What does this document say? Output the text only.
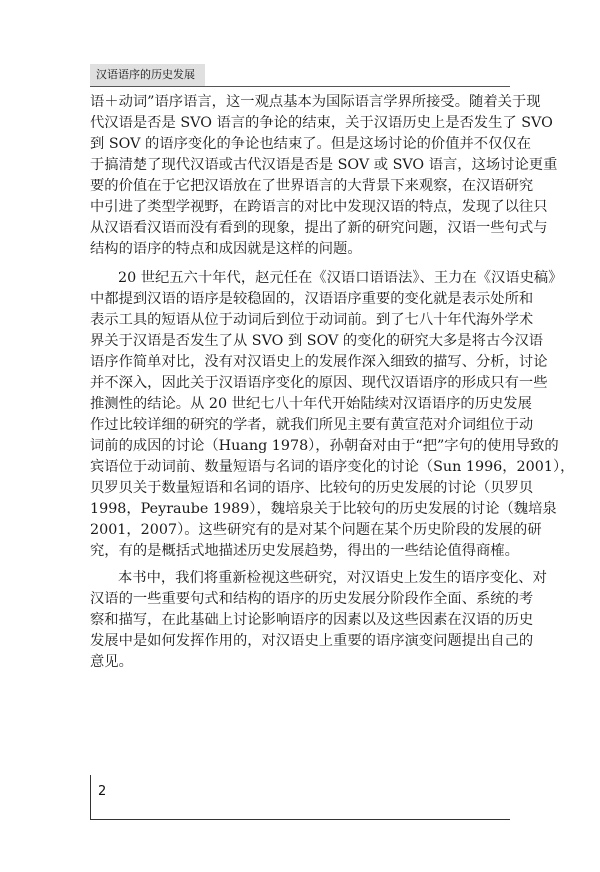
汉语语序的历史发展
语＋动词”语序语言，这一观点基本为国际语言学界所接受。随着关于现
代汉语是否是 SVO 语言的争论的结束，关于汉语历史上是否发生了 SVO
到 SOV 的语序变化的争论也结束了。但是这场讨论的价值并不仅仅在
于搞清楚了现代汉语或古代汉语是否是 SOV 或 SVO 语言，这场讨论更重
要的价值在于它把汉语放在了世界语言的大背景下来观察，在汉语研究
中引进了类型学视野，在跨语言的对比中发现汉语的特点，发现了以往只
从汉语看汉语而没有看到的现象，提出了新的研究问题，汉语一些句式与
结构的语序的特点和成因就是这样的问题。
20 世纪五六十年代，赵元任在《汉语口语语法》、王力在《汉语史稿》
中都提到汉语的语序是较稳固的，汉语语序重要的变化就是表示处所和
表示工具的短语从位于动词后到位于动词前。到了七八十年代海外学术
界关于汉语是否发生了从 SVO 到 SOV 的变化的研究大多是将古今汉语
语序作简单对比，没有对汉语史上的发展作深入细致的描写、分析，讨论
并不深入，因此关于汉语语序变化的原因、现代汉语语序的形成只有一些
推测性的结论。从 20 世纪七八十年代开始陆续对汉语语序的历史发展
作过比较详细的研究的学者，就我们所见主要有黄宣范对介词组位于动
词前的成因的讨论（Huang 1978），孙朝奋对由于“把”字句的使用导致的
宾语位于动词前、数量短语与名词的语序变化的讨论（Sun 1996，2001），
贝罗贝关于数量短语和名词的语序、比较句的历史发展的讨论（贝罗贝
1998，Peyraube 1989），魏培泉关于比较句的历史发展的讨论（魏培泉
2001，2007）。这些研究有的是对某个问题在某个历史阶段的发展的研
究，有的是概括式地描述历史发展趋势，得出的一些结论值得商榷。
本书中，我们将重新检视这些研究，对汉语史上发生的语序变化、对
汉语的一些重要句式和结构的语序的历史发展分阶段作全面、系统的考
察和描写，在此基础上讨论影响语序的因素以及这些因素在汉语的历史
发展中是如何发挥作用的，对汉语史上重要的语序演变问题提出自己的
意见。
2
